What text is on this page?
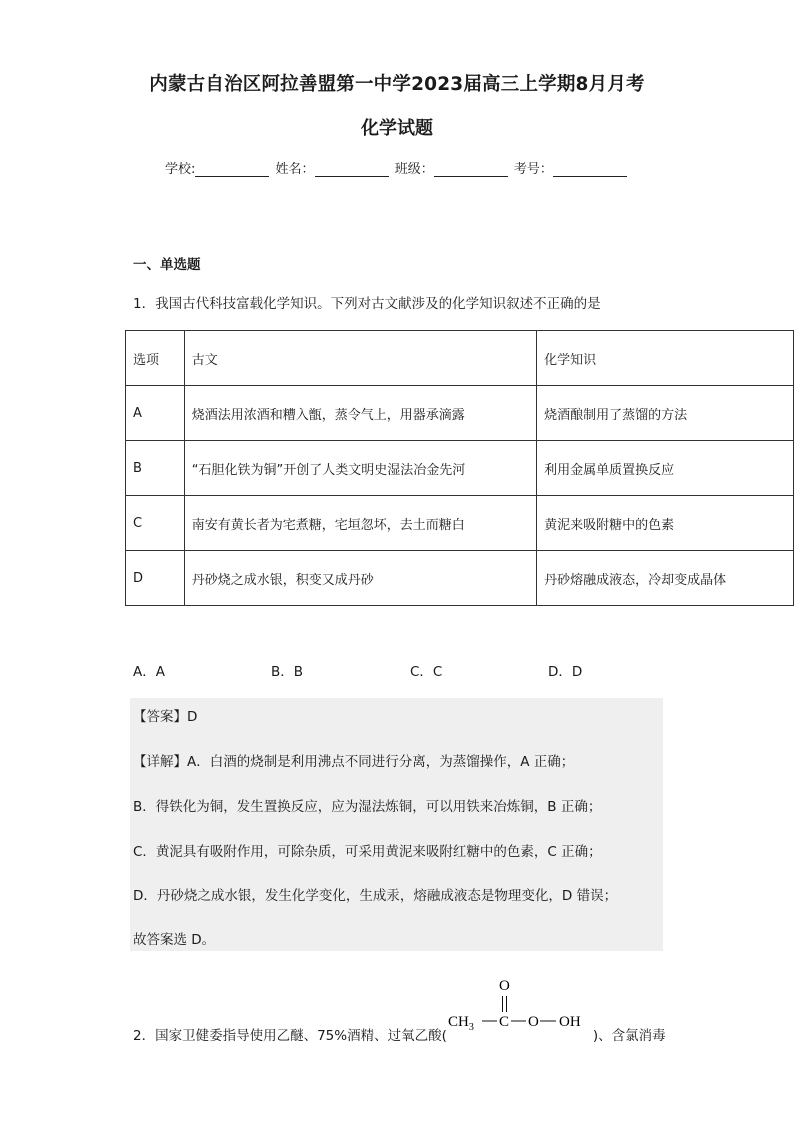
内蒙古自治区阿拉善盟第一中学2023届高三上学期8月月考
化学试题
学校:	姓名：	班级：	考号：
一、单选题
1．我国古代科技富载化学知识。下列对古文献涉及的化学知识叙述不正确的是
选项	古文	化学知识
A	烧酒法用浓酒和糟入甑，蒸令气上，用器承滴露	烧酒酿制用了蒸馏的方法
B	“石胆化铁为铜”开创了人类文明史湿法冶金先河	利用金属单质置换反应
C	南安有黄长者为宅煮糖，宅垣忽坏，去土而糖白	黄泥来吸附糖中的色素
D	丹砂烧之成水银，积变又成丹砂	丹砂熔融成液态，冷却变成晶体
A．A	B．B	C．C	D．D
【答案】D
【详解】A．白酒的烧制是利用沸点不同进行分离，为蒸馏操作，A 正确；
B．得铁化为铜，发生置换反应，应为湿法炼铜，可以用铁来冶炼铜，B 正确；
C．黄泥具有吸附作用，可除杂质，可采用黄泥来吸附红糖中的色素，C 正确；
D．丹砂烧之成水银，发生化学变化，生成汞，熔融成液态是物理变化，D 错误；
故答案选 D。
2．国家卫健委指导使用乙醚、75%酒精、过氧乙酸(	)、含氯消毒
O
$CH_3$ C O OH
